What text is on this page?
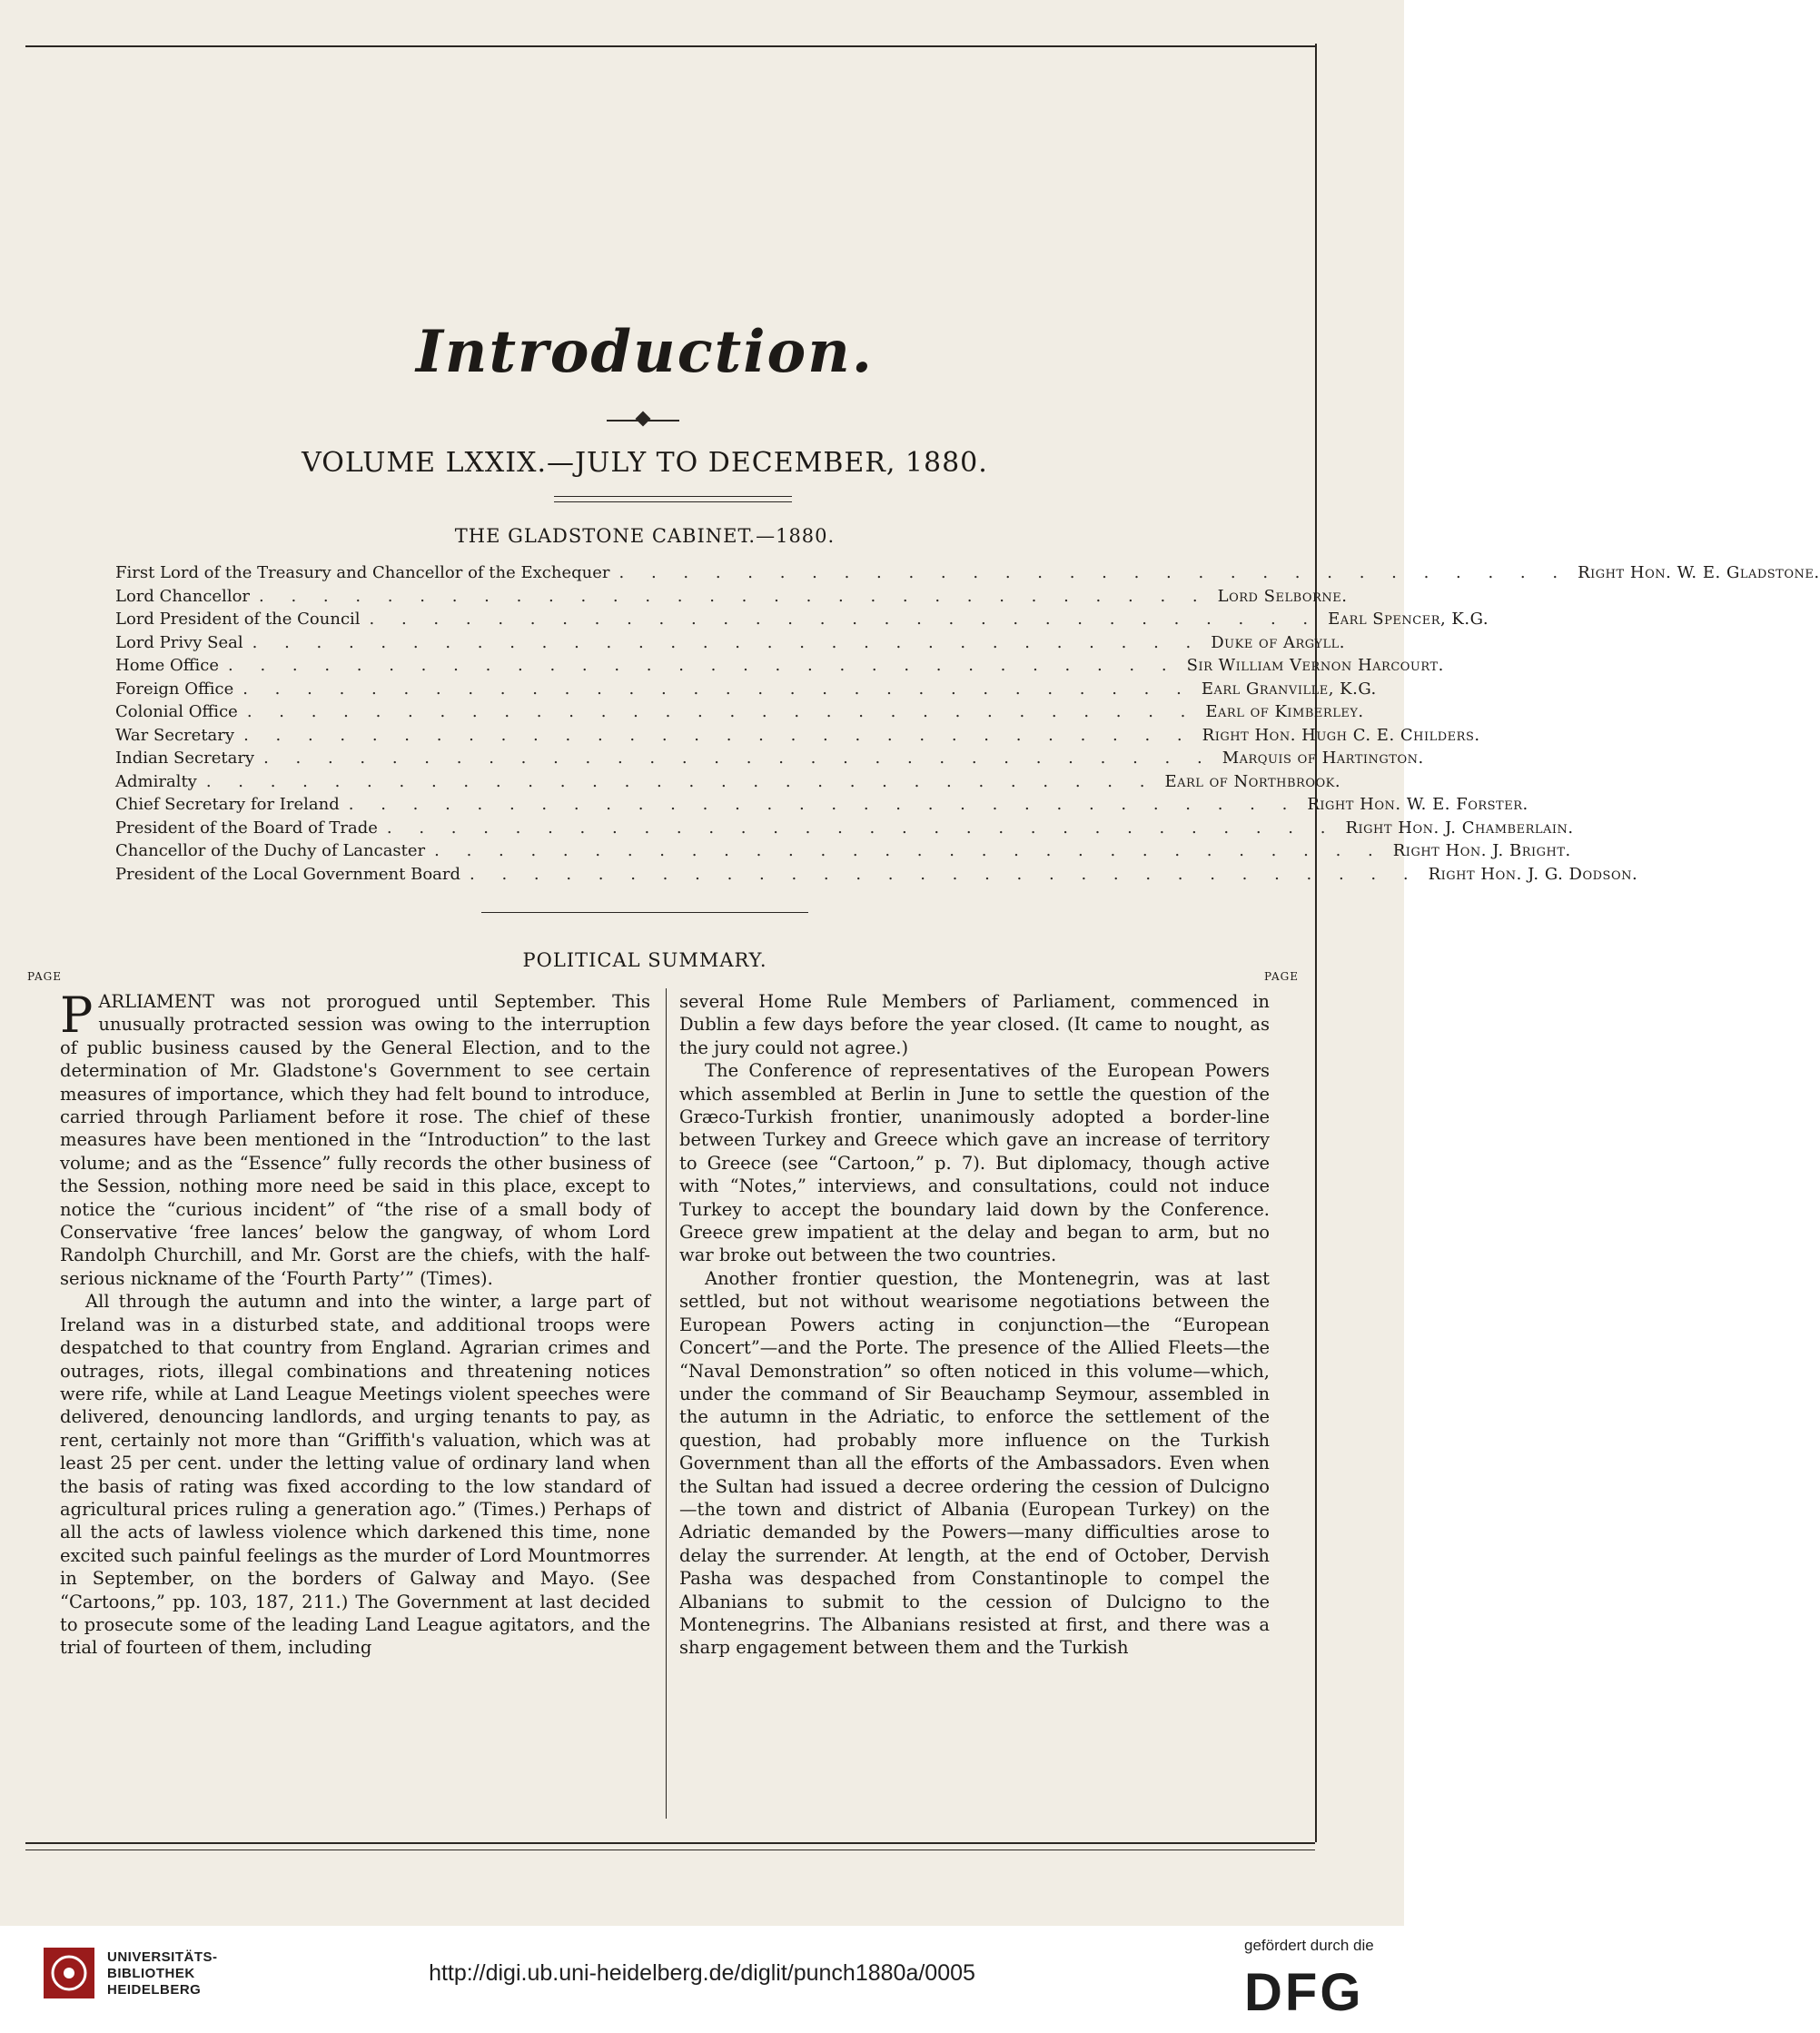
Introduction.
VOLUME LXXIX.—JULY TO DECEMBER, 1880.
THE GLADSTONE CABINET.—1880.
First Lord of the Treasury and Chancellor of the Exchequer . . . . . . . . . . . . . . . . . . . . . . . . . . . . . . Right Hon. W. E. Gladstone.
Lord Chancellor . . . . . . . . . . . . . . . . . . . . . . . . . . . . . . Lord Selborne.
Lord President of the Council . . . . . . . . . . . . . . . . . . . . . . . . . . . . . . Earl Spencer, K.G.
Lord Privy Seal . . . . . . . . . . . . . . . . . . . . . . . . . . . . . . Duke of Argyll.
Home Office . . . . . . . . . . . . . . . . . . . . . . . . . . . . . . Sir William Vernon Harcourt.
Foreign Office . . . . . . . . . . . . . . . . . . . . . . . . . . . . . . Earl Granville, K.G.
Colonial Office . . . . . . . . . . . . . . . . . . . . . . . . . . . . . . Earl of Kimberley.
War Secretary . . . . . . . . . . . . . . . . . . . . . . . . . . . . . . Right Hon. Hugh C. E. Childers.
Indian Secretary . . . . . . . . . . . . . . . . . . . . . . . . . . . . . . Marquis of Hartington.
Admiralty . . . . . . . . . . . . . . . . . . . . . . . . . . . . . . Earl of Northbrook.
Chief Secretary for Ireland . . . . . . . . . . . . . . . . . . . . . . . . . . . . . . Right Hon. W. E. Forster.
President of the Board of Trade . . . . . . . . . . . . . . . . . . . . . . . . . . . . . . Right Hon. J. Chamberlain.
Chancellor of the Duchy of Lancaster . . . . . . . . . . . . . . . . . . . . . . . . . . . . . . Right Hon. J. Bright.
President of the Local Government Board . . . . . . . . . . . . . . . . . . . . . . . . . . . . . . Right Hon. J. G. Dodson.
POLITICAL SUMMARY.
PAGE	PAGE

PARLIAMENT was not prorogued until September. This unusually protracted session was owing to the interruption of public business caused by the General Election, and to the determination of Mr. Gladstone's Government to see certain measures of importance, which they had felt bound to introduce, carried through Parliament before it rose. The chief of these measures have been mentioned in the “Introduction” to the last volume; and as the “Essence” fully records the other business of the Session, nothing more need be said in this place, except to notice the “curious incident” of “the rise of a small body of Conservative ‘free lances’ below the gangway, of whom Lord Randolph Churchill, and Mr. Gorst are the chiefs, with the half-serious nickname of the ‘Fourth Party’” (Times).

All through the autumn and into the winter, a large part of Ireland was in a disturbed state, and additional troops were despatched to that country from England. Agrarian crimes and outrages, riots, illegal combinations and threatening notices were rife, while at Land League Meetings violent speeches were delivered, denouncing landlords, and urging tenants to pay, as rent, certainly not more than “Griffith's valuation, which was at least 25 per cent. under the letting value of ordinary land when the basis of rating was fixed according to the low standard of agricultural prices ruling a generation ago.” (Times.) Perhaps of all the acts of lawless violence which darkened this time, none excited such painful feelings as the murder of Lord Mountmorres in September, on the borders of Galway and Mayo. (See “Cartoons,” pp. 103, 187, 211.) The Government at last decided to prosecute some of the leading Land League agitators, and the trial of fourteen of them, including

several Home Rule Members of Parliament, commenced in Dublin a few days before the year closed. (It came to nought, as the jury could not agree.)

The Conference of representatives of the European Powers which assembled at Berlin in June to settle the question of the Græco-Turkish frontier, unanimously adopted a border-line between Turkey and Greece which gave an increase of territory to Greece (see “Cartoon,” p. 7). But diplomacy, though active with “Notes,” interviews, and consultations, could not induce Turkey to accept the boundary laid down by the Conference. Greece grew impatient at the delay and began to arm, but no war broke out between the two countries.

Another frontier question, the Montenegrin, was at last settled, but not without wearisome negotiations between the European Powers acting in conjunction—the “European Concert”—and the Porte. The presence of the Allied Fleets—the “Naval Demonstration” so often noticed in this volume—which, under the command of Sir Beauchamp Seymour, assembled in the autumn in the Adriatic, to enforce the settlement of the question, had probably more influence on the Turkish Government than all the efforts of the Ambassadors. Even when the Sultan had issued a decree ordering the cession of Dulcigno—the town and district of Albania (European Turkey) on the Adriatic demanded by the Powers—many difficulties arose to delay the surrender. At length, at the end of October, Dervish Pasha was despached from Constantinople to compel the Albanians to submit to the cession of Dulcigno to the Montenegrins. The Albanians resisted at first, and there was a sharp engagement between them and the Turkish

UNIVERSITÄTS-
BIBLIOTHEK
HEIDELBERG
http://digi.ub.uni-heidelberg.de/diglit/punch1880a/0005
gefördert durch die
DFG
